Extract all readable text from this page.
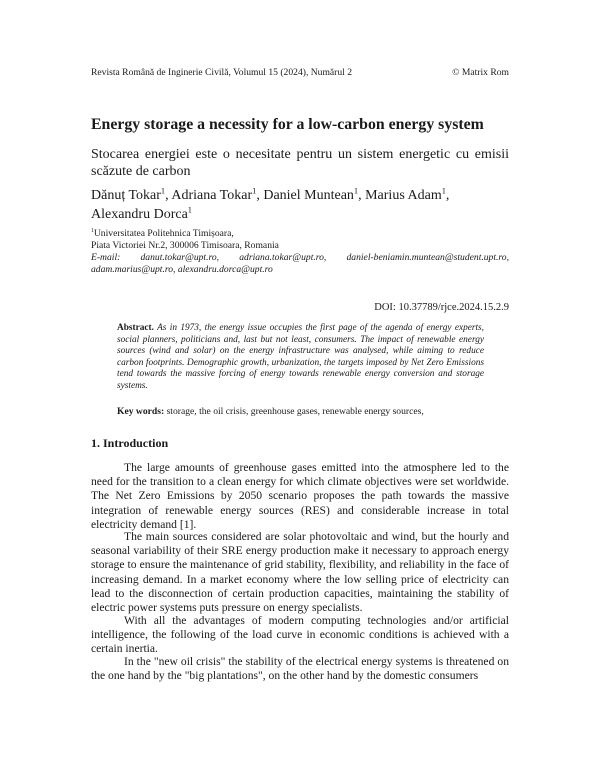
Revista Română de Inginerie Civilă, Volumul 15 (2024), Numărul 2	© Matrix Rom
Energy storage a necessity for a low-carbon energy system
Stocarea energiei este o necesitate pentru un sistem energetic cu emisii scăzute de carbon
Dănuț Tokar$^1$, Adriana Tokar$^1$, Daniel Muntean$^1$, Marius Adam$^1$, Alexandru Dorca$^1$
$^1$Universitatea Politehnica Timișoara,
Piata Victoriei Nr.2, 300006 Timisoara, Romania
E-mail: danut.tokar@upt.ro, adriana.tokar@upt.ro, daniel-beniamin.muntean@student.upt.ro, adam.marius@upt.ro, alexandru.dorca@upt.ro
DOI: 10.37789/rjce.2024.15.2.9
Abstract. As in 1973, the energy issue occupies the first page of the agenda of energy experts, social planners, politicians and, last but not least, consumers. The impact of renewable energy sources (wind and solar) on the energy infrastructure was analysed, while aiming to reduce carbon footprints. Demographic growth, urbanization, the targets imposed by Net Zero Emissions tend towards the massive forcing of energy towards renewable energy conversion and storage systems.
Key words: storage, the oil crisis, greenhouse gases, renewable energy sources,
1. Introduction

The large amounts of greenhouse gases emitted into the atmosphere led to the need for the transition to a clean energy for which climate objectives were set worldwide. The Net Zero Emissions by 2050 scenario proposes the path towards the massive integration of renewable energy sources (RES) and considerable increase in total electricity demand [1].

The main sources considered are solar photovoltaic and wind, but the hourly and seasonal variability of their SRE energy production make it necessary to approach energy storage to ensure the maintenance of grid stability, flexibility, and reliability in the face of increasing demand. In a market economy where the low selling price of electricity can lead to the disconnection of certain production capacities, maintaining the stability of electric power systems puts pressure on energy specialists.

With all the advantages of modern computing technologies and/or artificial intelligence, the following of the load curve in economic conditions is achieved with a certain inertia.

In the "new oil crisis" the stability of the electrical energy systems is threatened on the one hand by the "big plantations", on the other hand by the domestic consumers
